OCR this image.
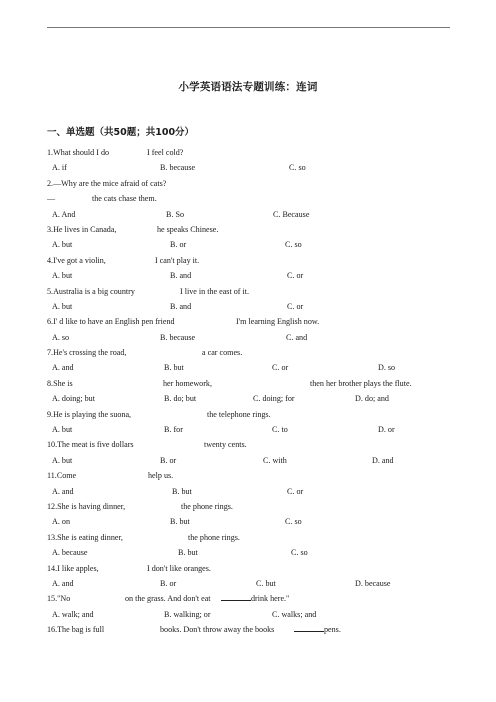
小学英语语法专题训练：连词
一、单选题（共50题；共100分）
1.What should I do	I feel cold?
A. if	B. because	C. so
2.—Why are the mice afraid of cats?
—	the cats chase them.
A. And	B. So	C. Because
3.He lives in Canada,	he speaks Chinese.
A. but	B. or	C. so
4.I've got a violin,	I can't play it.
A. but	B. and	C. or
5.Australia is a big country	I live in the east of it.
A. but	B. and	C. or
6.I' d like to have an English pen friend	I'm learning English now.
A. so	B. because	C. and
7.He's crossing the road,	a car comes.
A. and	B. but	C. or	D. so
8.She is	her homework,	then her brother plays the flute.
A. doing; but	B. do; but	C. doing; for	D. do; and
9.He is playing the suona,	the telephone rings.
A. but	B. for	C. to	D. or
10.The meat is five dollars	twenty cents.
A. but	B. or	C. with	D. and
11.Come	help us.
A. and	B. but	C. or
12.She is having dinner,	the phone rings.
A. on	B. but	C. so
13.She is eating dinner,	the phone rings.
A. because	B. but	C. so
14.I like apples,	I don't like oranges.
A. and	B. or	C. but	D. because
15."No	on the grass. And don't eat	drink here."
A. walk; and	B. walking; or	C. walks; and
16.The bag is full	books. Don't throw away the books	pens.
